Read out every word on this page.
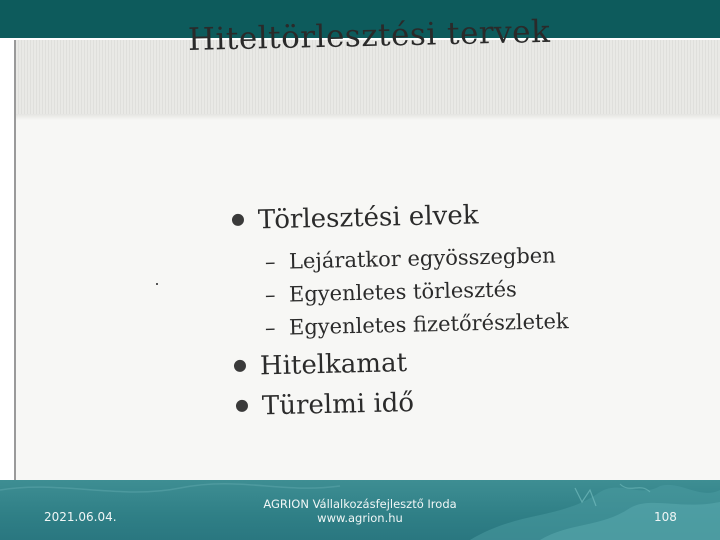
Hiteltörlesztési tervek
Törlesztési elvek
– Lejáratkor egyösszegben
– Egyenletes törlesztés
– Egyenletes fizetőrészletek
Hitelkamat
Türelmi idő
2021.06.04.
AGRION Vállalkozásfejlesztő Iroda
www.agrion.hu	108
